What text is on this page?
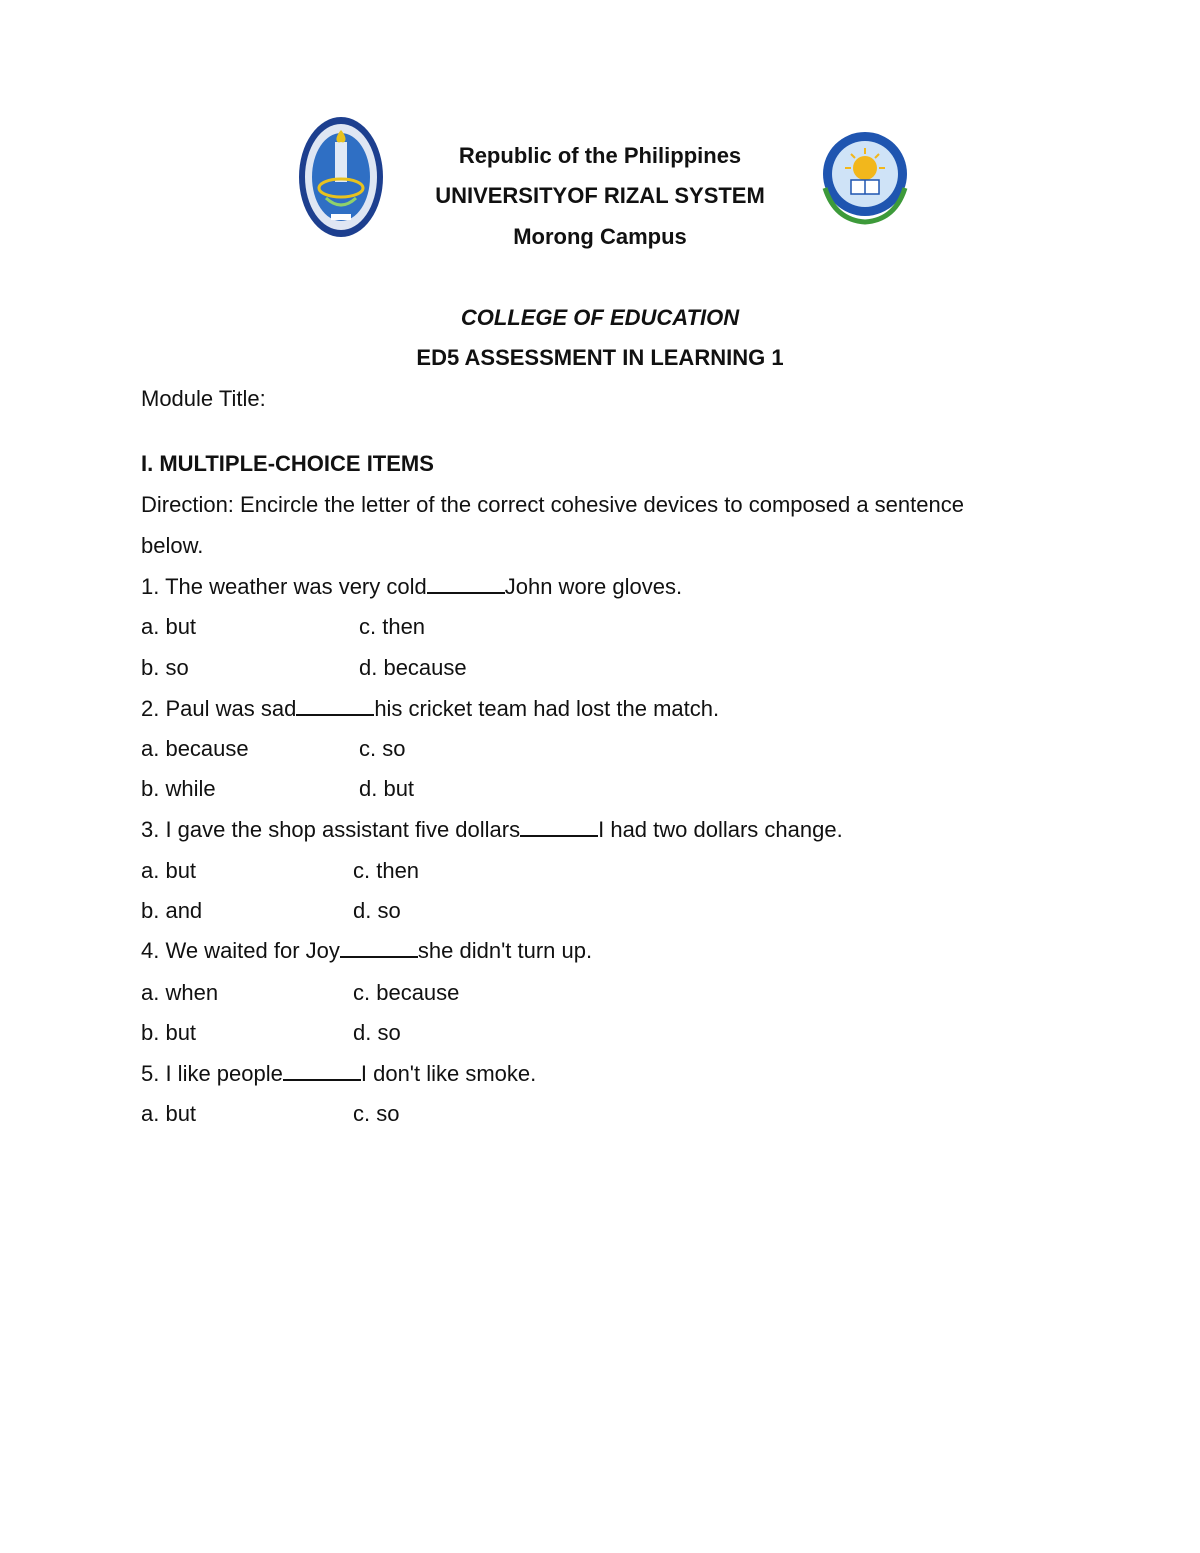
Republic of the Philippines
UNIVERSITYOF RIZAL SYSTEM
Morong Campus
COLLEGE OF EDUCATION
ED5 ASSESSMENT IN LEARNING 1
Module Title:
I. MULTIPLE-CHOICE ITEMS
Direction: Encircle the letter of the correct cohesive devices to composed a sentence
below.
1. The weather was very cold	John wore gloves.
a. but	c. then
b. so	d. because
2. Paul was sad	his cricket team had lost the match.
a. because	c. so
b. while	d. but
3. I gave the shop assistant five dollars	I had two dollars change.
a. but	c. then
b. and	d. so
4. We waited for Joy	she didn't turn up.
a. when	c. because
b. but	d. so
5. I like people	I don't like smoke.
a. but	c. so
